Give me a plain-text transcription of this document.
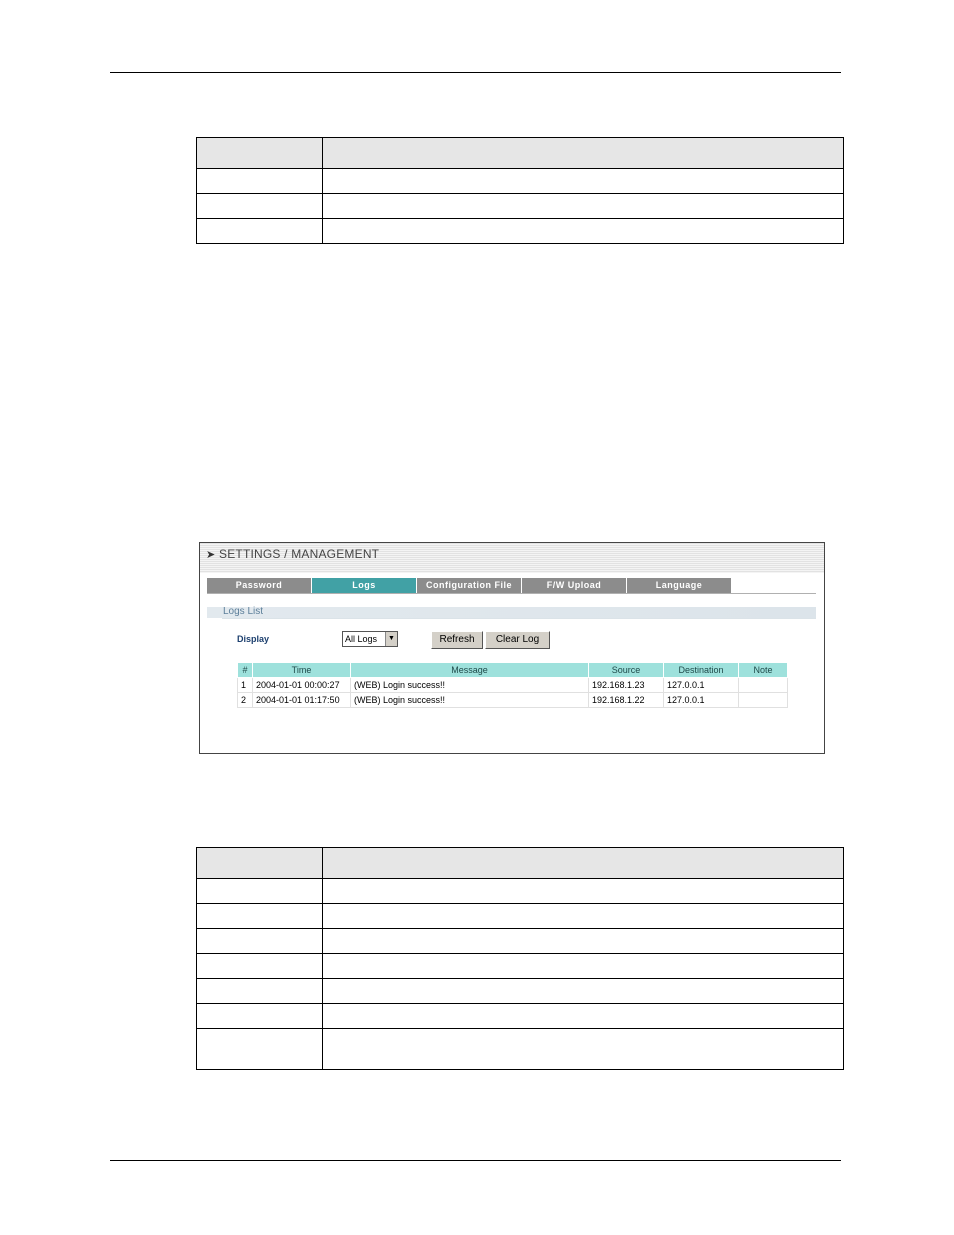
➤ SETTINGS / MANAGEMENT
Password	Logs	Configuration File	F/W Upload	Language
Logs List
Display	All Logs	▼	Refresh	Clear Log
#	Time	Message	Source	Destination	Note
1	2004-01-01 00:00:27	(WEB) Login success!!	192.168.1.23	127.0.0.1	
2	2004-01-01 01:17:50	(WEB) Login success!!	192.168.1.22	127.0.0.1	
